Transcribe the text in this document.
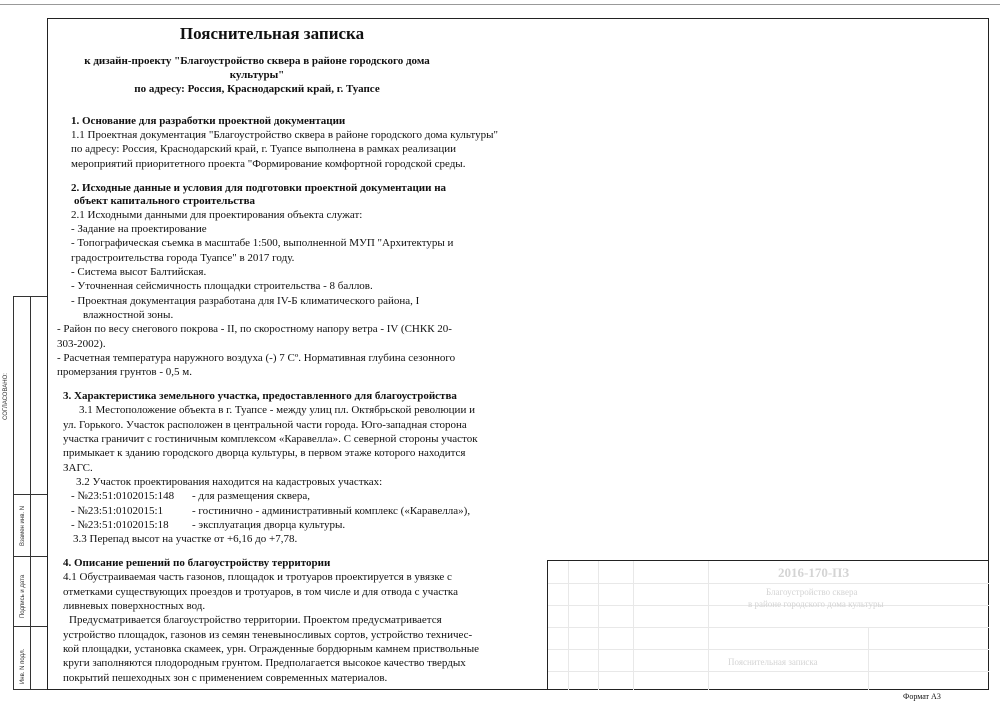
СОГЛАСОВАНО:
Взамен инв. N
Подпись и дата
Инв. N подл.
Пояснительная записка
к дизайн-проекту "Благоустройство сквера в районе городского дома культуры"
по адресу: Россия, Краснодарский край, г. Туапсе
1. Основание для разработки проектной документации
1.1 Проектная документация "Благоустройство сквера в районе городского дома культуры"
по адресу: Россия, Краснодарский край, г. Туапсе выполнена в рамках реализации
мероприятий приоритетного проекта "Формирование комфортной городской среды.
2. Исходные данные и условия для подготовки проектной документации на
объект капитального строительства
2.1 Исходными данными для проектирования объекта служат:
- Задание на проектирование
- Топографическая съемка в масштабе 1:500, выполненной МУП "Архитектуры и
градостроительства города Туапсе" в 2017 году.
- Система высот Балтийская.
- Уточненная сейсмичность площадки строительства - 8 баллов.
- Проектная документация разработана для IV-Б климатического района, I
влажностной зоны.
- Район по весу снегового покрова - II, по скоростному напору ветра - IV (СНКК 20-
303-2002).
- Расчетная температура наружного воздуха (-) 7 Сº. Нормативная глубина сезонного
промерзания грунтов - 0,5 м.
3. Характеристика земельного участка, предоставленного для благоустройства
3.1 Местоположение объекта в г. Туапсе - между улиц пл. Октябрьской революции и
ул. Горького. Участок расположен в центральной части города. Юго-западная сторона
участка граничит с гостиничным комплексом «Каравелла». С северной стороны участок
примыкает к зданию городского дворца культуры, в первом этаже которого находится
ЗАГС.
3.2 Участок проектирования находится на кадастровых участках:
- №23:51:0102015:148	- для размещения сквера,
- №23:51:0102015:1	- гостинично - административный комплекс («Каравелла»),
- №23:51:0102015:18	- эксплуатация дворца культуры.
3.3 Перепад высот на участке от +6,16 до +7,78.
4. Описание решений по благоустройству территории
4.1 Обустраиваемая часть газонов, площадок и тротуаров проектируется в увязке с
отметками существующих проездов и тротуаров, в том числе и для отвода с участка
ливневых поверхностных вод.
Предусматривается благоустройство территории. Проектом предусматривается
устройство площадок, газонов из семян теневыносливых сортов, устройство техничес-
кой площадки, установка скамеек, урн. Огражденные бордюрным камнем приствольные
круги заполняются плодородным грунтом. Предполагается высокое качество твердых
покрытий пешеходных зон с применением современных материалов.
2016-170-ПЗ
Благоустройство сквера
в районе городского дома культуры
Пояснительная записка
Формат А3
